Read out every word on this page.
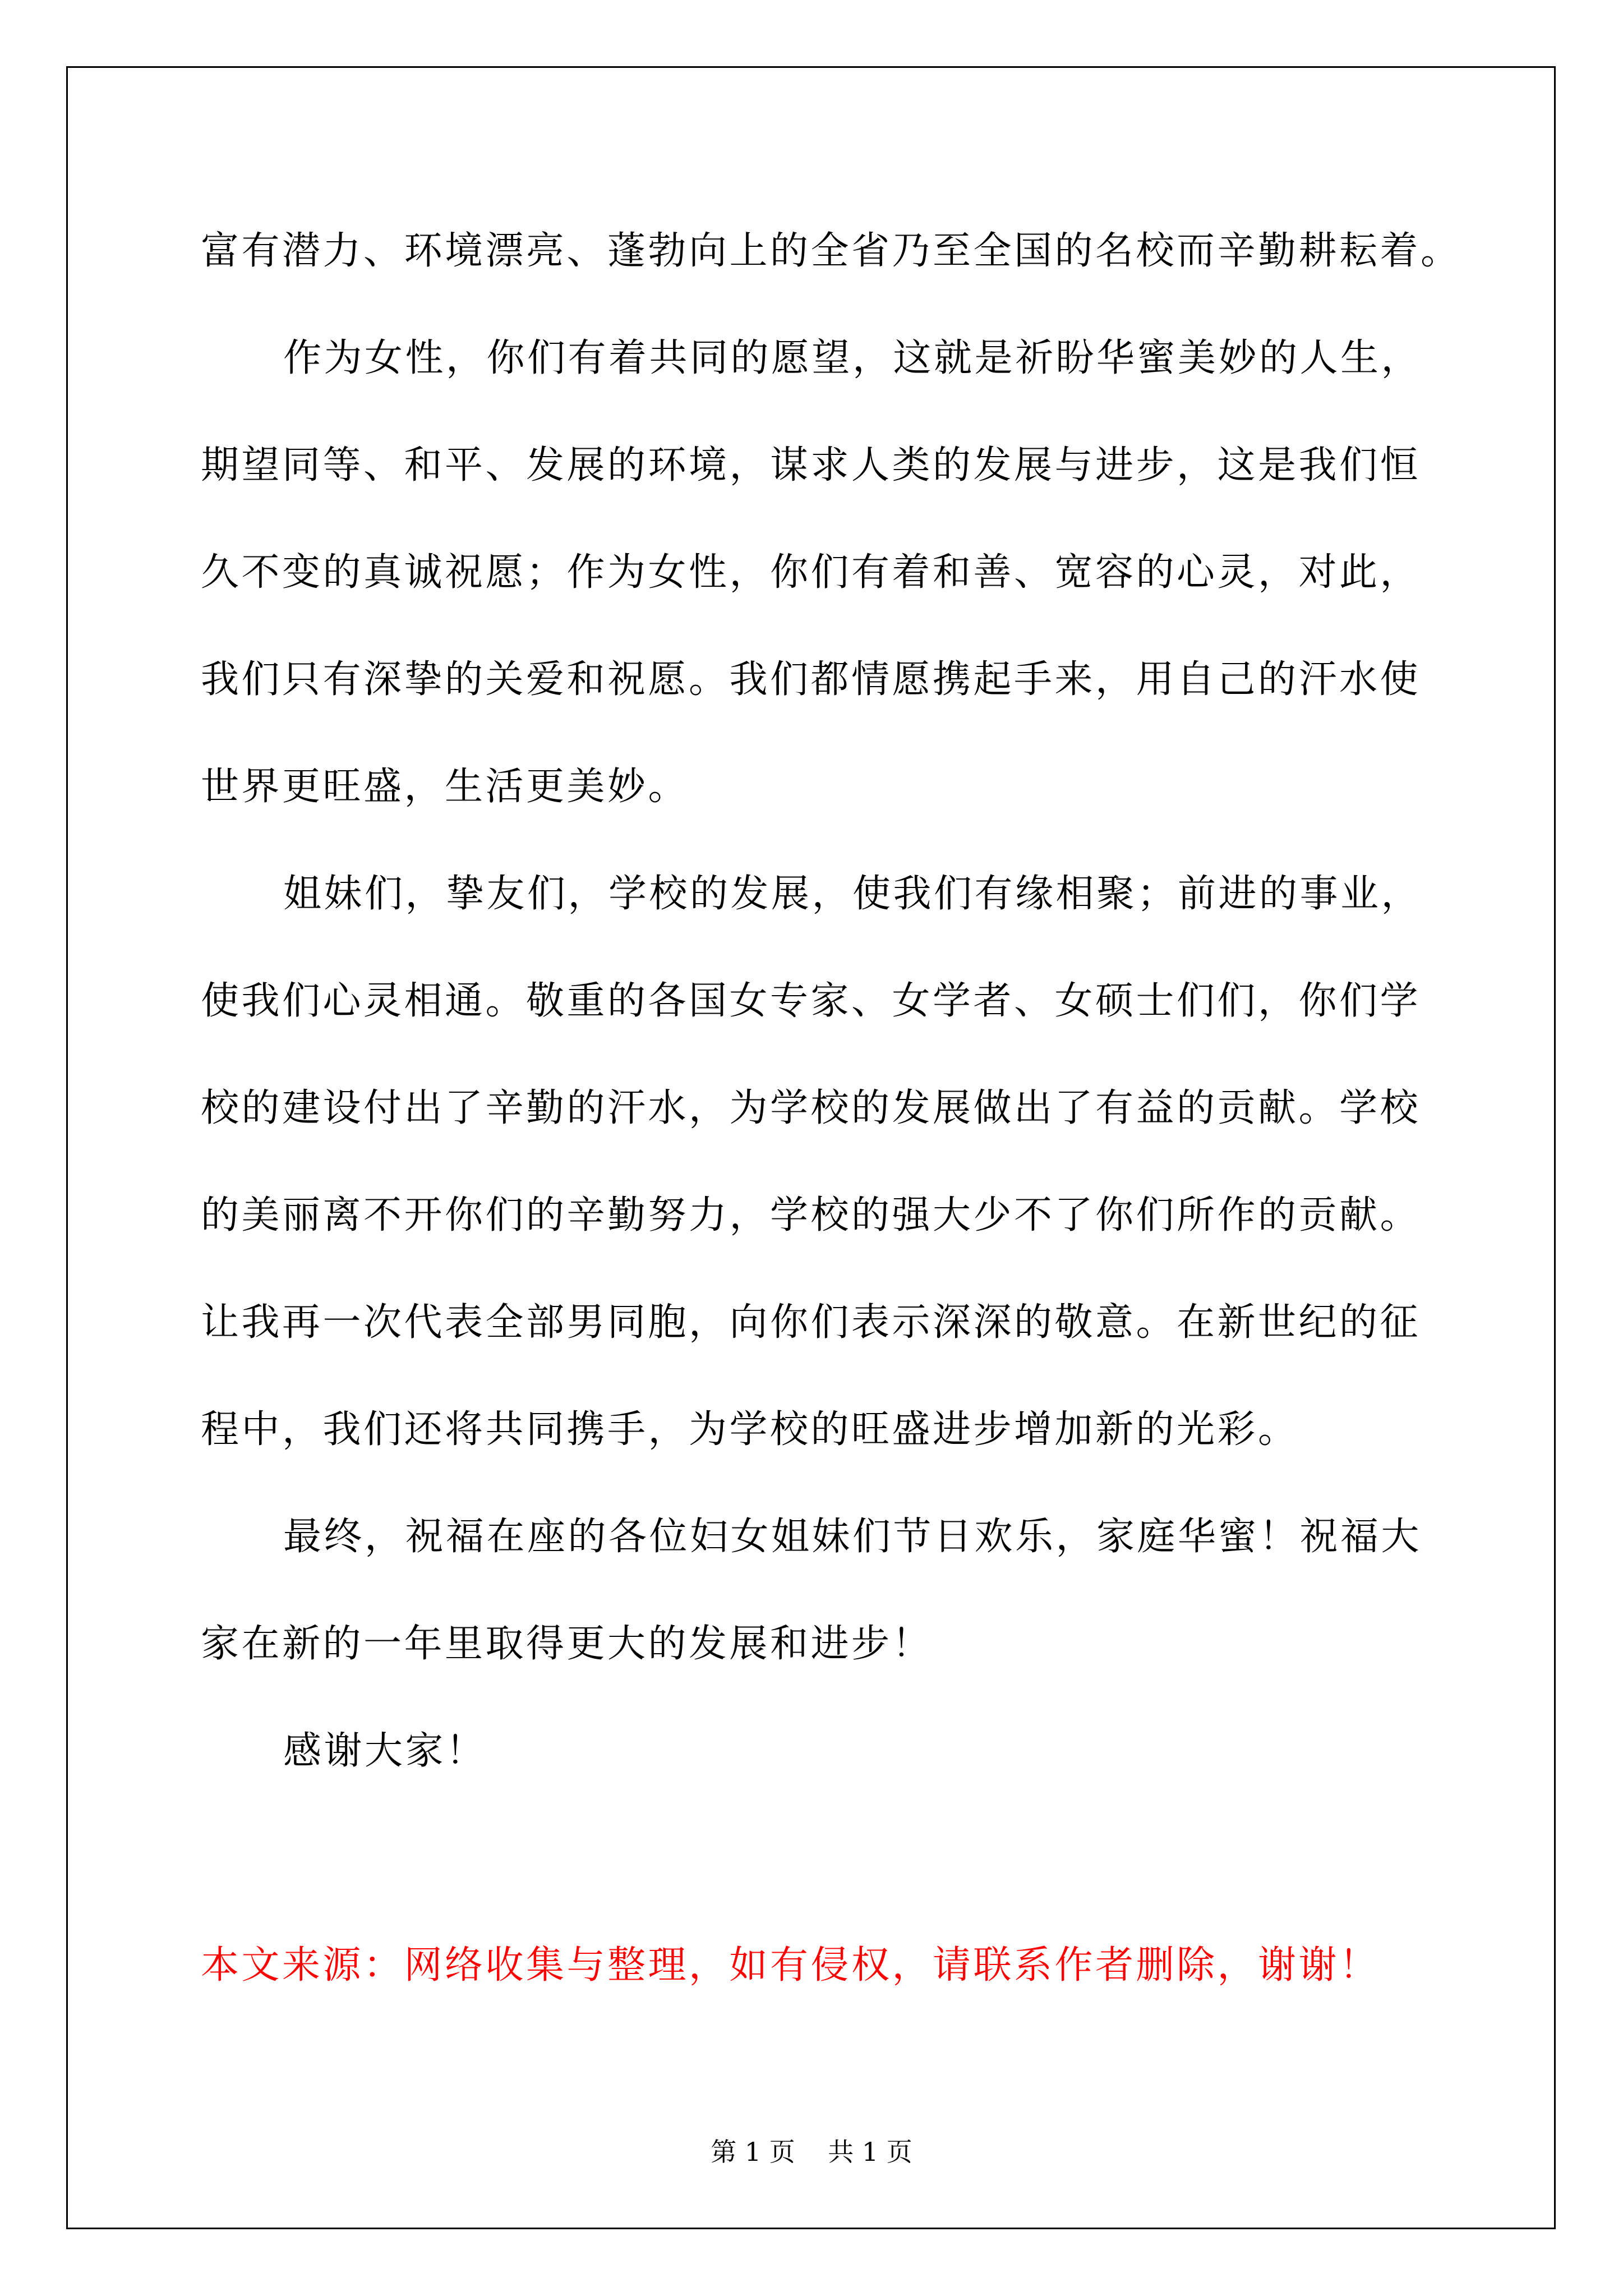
富有潜力、环境漂亮、蓬勃向上的全省乃至全国的名校而辛勤耕耘着。
作为女性，你们有着共同的愿望，这就是祈盼华蜜美妙的人生，
期望同等、和平、发展的环境，谋求人类的发展与进步，这是我们恒
久不变的真诚祝愿；作为女性，你们有着和善、宽容的心灵，对此，
我们只有深挚的关爱和祝愿。我们都情愿携起手来，用自己的汗水使
世界更旺盛，生活更美妙。
姐妹们，挚友们，学校的发展，使我们有缘相聚；前进的事业，
使我们心灵相通。敬重的各国女专家、女学者、女硕士们们，你们学
校的建设付出了辛勤的汗水，为学校的发展做出了有益的贡献。学校
的美丽离不开你们的辛勤努力，学校的强大少不了你们所作的贡献。
让我再一次代表全部男同胞，向你们表示深深的敬意。在新世纪的征
程中，我们还将共同携手，为学校的旺盛进步增加新的光彩。
最终，祝福在座的各位妇女姐妹们节日欢乐，家庭华蜜！祝福大
家在新的一年里取得更大的发展和进步！
感谢大家！
本文来源：网络收集与整理，如有侵权，请联系作者删除，谢谢！
第 1 页    共 1 页
